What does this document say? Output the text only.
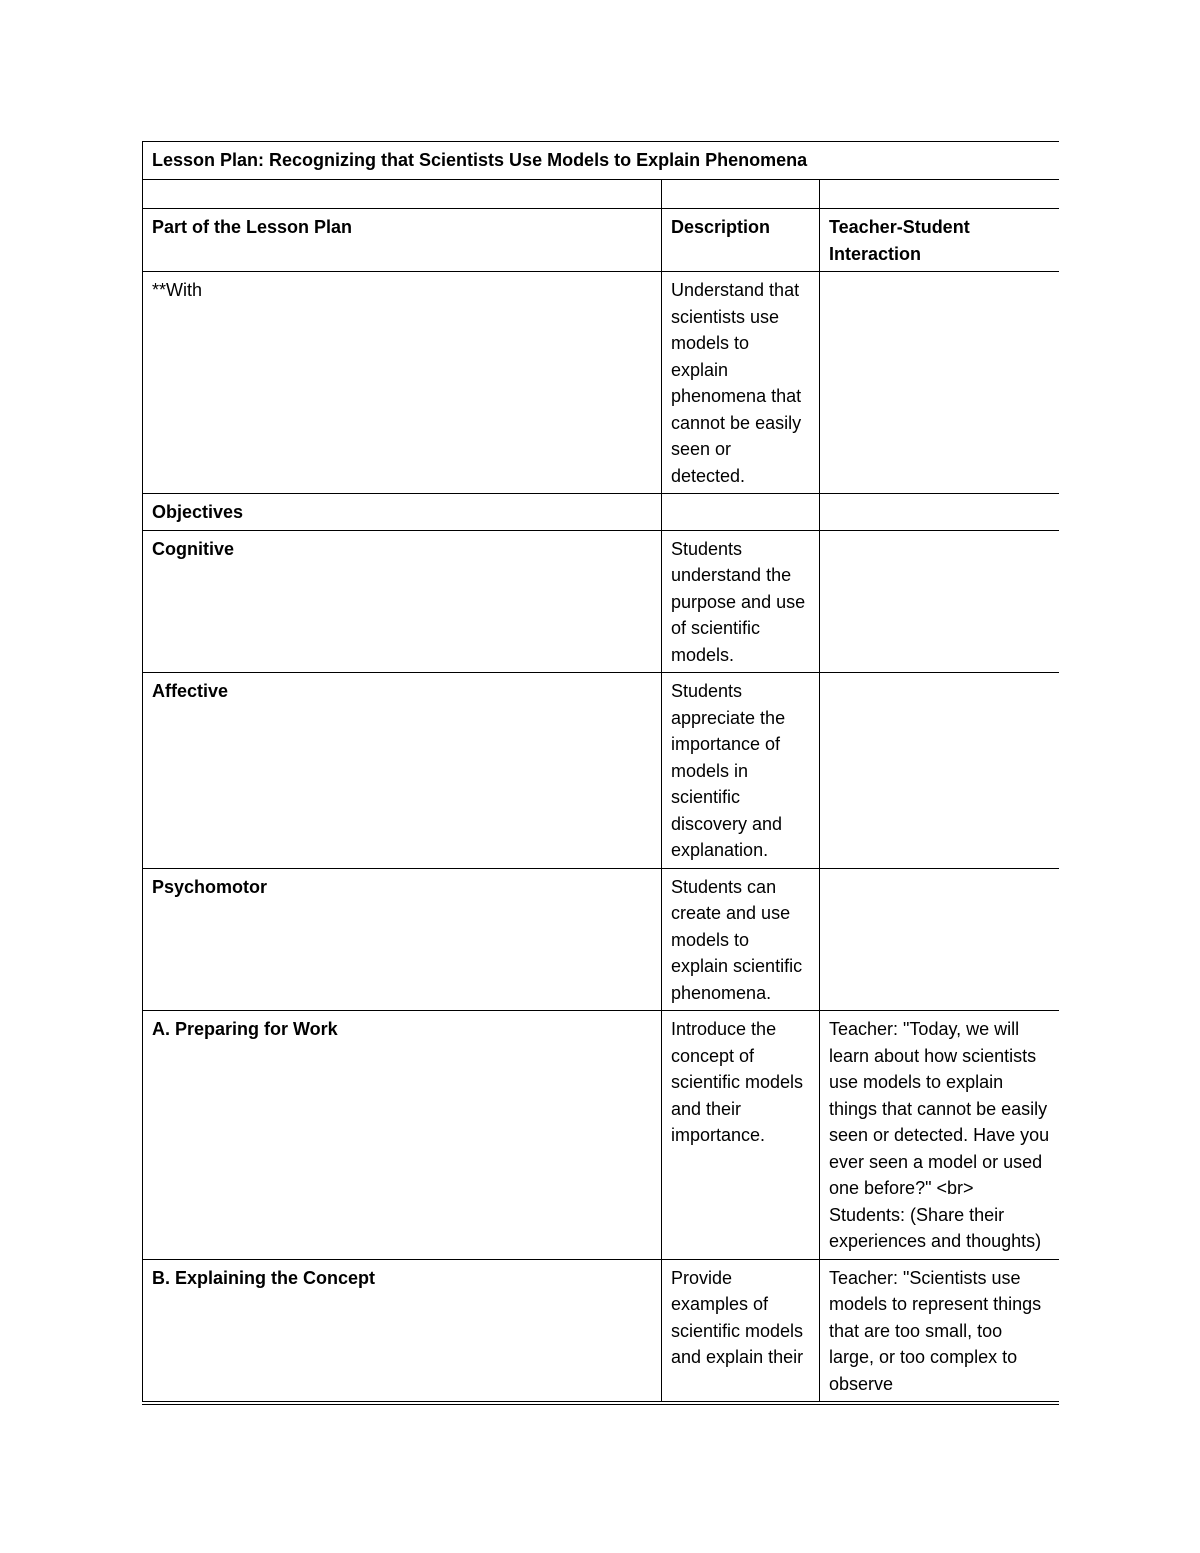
Lesson Plan: Recognizing that Scientists Use Models to Explain Phenomena		

Part of the Lesson Plan	Description	Teacher-Student Interaction
**With	Understand that scientists use models to explain phenomena that cannot be easily seen or detected.	
Objectives		
Cognitive	Students understand the purpose and use of scientific models.	
Affective	Students appreciate the importance of models in scientific discovery and explanation.	
Psychomotor	Students can create and use models to explain scientific phenomena.	
A. Preparing for Work	Introduce the concept of scientific models and their importance.	Teacher: "Today, we will learn about how scientists use models to explain things that cannot be easily seen or detected. Have you ever seen a model or used one before?" <br> Students: (Share their experiences and thoughts)
B. Explaining the Concept	Provide examples of scientific models and explain their	Teacher: "Scientists use models to represent things that are too small, too large, or too complex to observe
